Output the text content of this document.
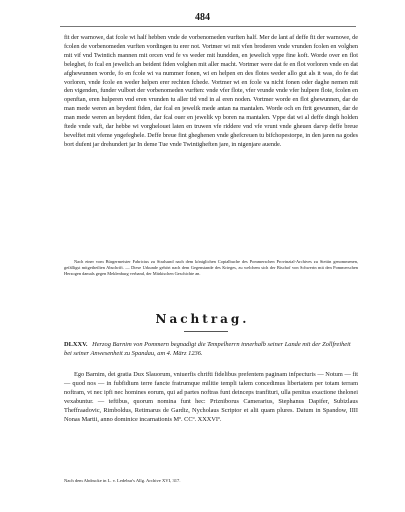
484
fit der warnowe, dat fcole wi half hebben vnde de vorbenomeden vurften half. Mer de lant af deffe fit der warnowe, de fcolen de vorbenomeden vurften vordingen tu erer not. Vortmer wi mit vfen broderen vnde vrunden fcolen en volghen mit vif vnd Twintich mannen mit orcen vnd fe vs weder mit hundden, en jewelich vppe fine koft. Worde over en flot beleghet, fo fcal en jewelich an beident fiden volghen mit aller macht. Vortmer were dat fe en flot vorloren vnde en dat afghewunnen worde, fo en fcole wi va nummer fonen, wi en helpen en des flotes weder allo gut als it was, do fe dat vorloren, vnde fcole en weder helpen erer rechten fchede. Vortmer wi en fcole va nicht fonen oder daghe nemen mit den vigenden, funder vulbort der vorbenomeden vurften: vnde vfer flote, vfer vrunde vnde vfer hulpere flote, fcolen en openftan, eren hulperen vnd eren vrunden tu aller tid vnd in al eren noden. Vortmer worde en flot ghewunnen, dar de man mede weren an beydent fiden, dar fcal en jewelik mede antan na mantalen. Worde och en ftrit gewunnen, dar de man mede weren an beydent fiden, dar fcal ouer en jewelik vp boren na mantalen. Vppe dat wi al deffe dingh holden ftede vnde vaft, dar hebbe wi vorghelouet laten en truwen vfe riddere vnd vfe vrunt vnde gheuen darvp deffe breue bevelftet mit vfeme yngefeghele. Deffe breue fint gheghenen vnde ghefcreuen tu bifchopestorpe, in den jaren na godes bort dufent jar drehundert jar In deme Tue vnde Twintigheften jare, in nigenjare auende.
Nach einer vom Bürgermeister Fabricius zu Stralsund nach dem königlichen Copialbuche des Pommerschen Provinzial-Archives zu Stettin genommenen, gefälligst mitgetheilten Abschrift. — Diese Urkunde gehört nach dem Gegenstande des Krieges, zu welchem sich der Bischof von Schwerin mit den Pommerschen Herzogen damals gegen Meklenburg verband, der Märkischen Geschichte an.
Nachtrag.
DLXXV. Herzog Barnim von Pommern begnadigt die Tempelherrn innerhalb seiner Lande mit der Zollfreiheit bei seiner Anwesenheit zu Spandau, am 4. März 1236.
Ego Barnim, dei gratia Dux Slauorum, vniuerfis chrifti fidelibus prefentem paginam infpecturis — Notum — fit — quod nos — in fubfidium terre fancte fratrumque militie templi talem concedimus libertatem per totam terram noftram, vt nec ipfi nec homines eorum, qui ad partes noftras funt deinceps tranfituri, ulla penitus exactione thelonei vexabuntur. — teftibus, quorum nomina funt hec: Prizniborus Camerarius, Stephanus Dapifer, Subizlaus Theffraadovic, Rimboldus, Retimarus de Gardiz, Nycholaus Scriptor et alii quam plures. Datum in Spandow, IIII Nonas Martii, anno dominice incarnationis Mº. CCº. XXXVIº.
Nach dem Abdrucke in L. v. Ledebur's Allg. Archive XVI, 317.
